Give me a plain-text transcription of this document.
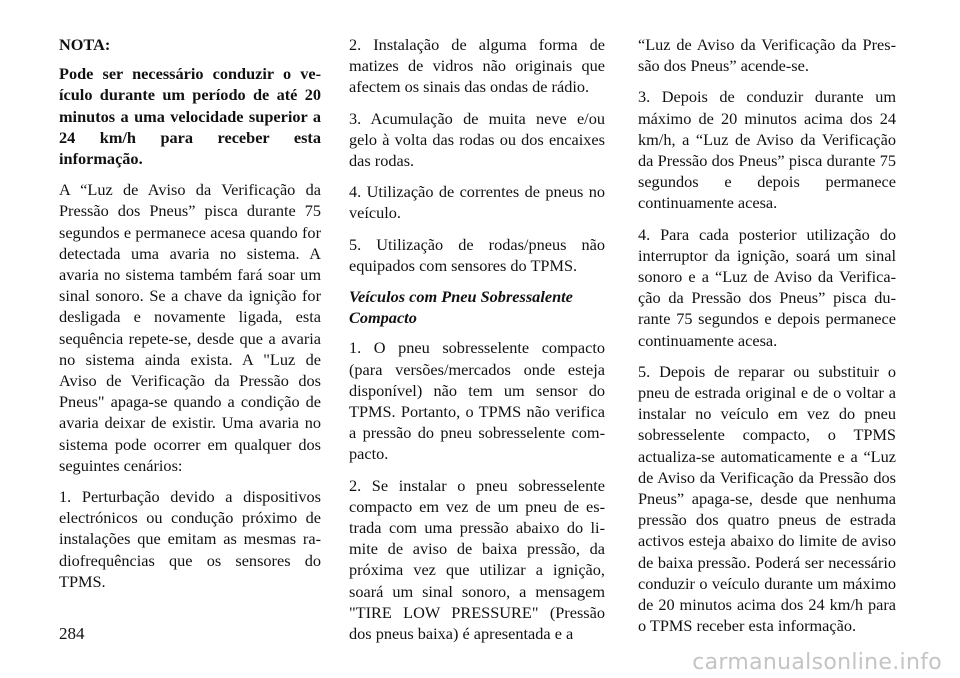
NOTA:

Pode ser necessário conduzir o veículo durante um período de até 20 minutos a uma velocidade superior a 24 km/h para receber esta informação.

A “Luz de Aviso da Verificação da Pressão dos Pneus” pisca durante 75 segundos e permanece acesa quando for detectada uma avaria no sistema. A avaria no sistema também fará soar um sinal sonoro. Se a chave da ignição for desligada e novamente ligada, esta sequência repete-se, desde que a avaria no sistema ainda exista. A "Luz de Aviso de Verificação da Pressão dos Pneus" apaga-se quando a condição de avaria deixar de existir. Uma avaria no sistema pode ocorrer em qualquer dos seguintes cenários:

1. Perturbação devido a dispositivos electrónicos ou condução próximo de instalações que emitam as mesmas radiofrequências que os sensores do TPMS.

2. Instalação de alguma forma de matizes de vidros não originais que afectem os sinais das ondas de rádio.

3. Acumulação de muita neve e/ou gelo à volta das rodas ou dos encaixes das rodas.

4. Utilização de correntes de pneus no veículo.

5. Utilização de rodas/pneus não equipados com sensores do TPMS.

Veículos com Pneu Sobressalente Compacto

1. O pneu sobresselente compacto (para versões/mercados onde esteja disponível) não tem um sensor do TPMS. Portanto, o TPMS não verifica a pressão do pneu sobresselente compacto.

2. Se instalar o pneu sobresselente compacto em vez de um pneu de estrada com uma pressão abaixo do limite de aviso de baixa pressão, da próxima vez que utilizar a ignição, soará um sinal sonoro, a mensagem "TIRE LOW PRESSURE" (Pressão dos pneus baixa) é apresentada e a

“Luz de Aviso da Verificação da Pressão dos Pneus” acende-se.

3. Depois de conduzir durante um máximo de 20 minutos acima dos 24 km/h, a “Luz de Aviso da Verificação da Pressão dos Pneus” pisca durante 75 segundos e depois permanece continuamente acesa.

4. Para cada posterior utilização do interruptor da ignição, soará um sinal sonoro e a “Luz de Aviso da Verificação da Pressão dos Pneus” pisca durante 75 segundos e depois permanece continuamente acesa.

5. Depois de reparar ou substituir o pneu de estrada original e de o voltar a instalar no veículo em vez do pneu sobresselente compacto, o TPMS actualiza-se automaticamente e a “Luz de Aviso da Verificação da Pressão dos Pneus” apaga-se, desde que nenhuma pressão dos quatro pneus de estrada activos esteja abaixo do limite de aviso de baixa pressão. Poderá ser necessário conduzir o veículo durante um máximo de 20 minutos acima dos 24 km/h para o TPMS receber esta informação.

284
carmanualsonline.info
